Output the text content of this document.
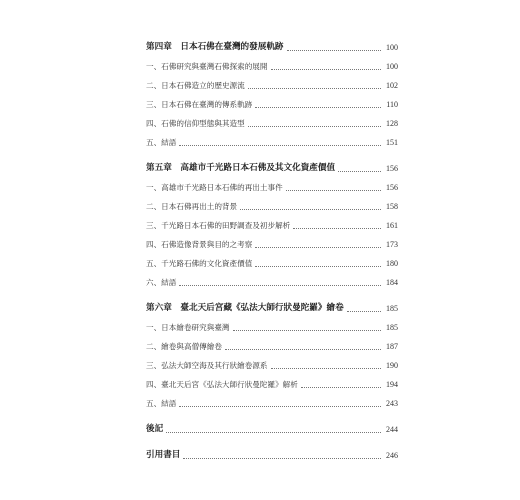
第四章　日本石佛在臺灣的發展軌跡	100
一、石佛研究與臺灣石佛探索的展開	100
二、日本石佛造立的歷史源流	102
三、日本石佛在臺灣的傳系軌跡	110
四、石佛的信仰型態與其造型	128
五、結語	151
第五章　高雄市千光路日本石佛及其文化資產價值	156
一、高雄市千光路日本石佛的再出土事件	156
二、日本石佛再出土的背景	158
三、千光路日本石佛的田野調查及初步解析	161
四、石佛造像背景與目的之考察	173
五、千光路石佛的文化資產價值	180
六、結語	184
第六章　臺北天后宮藏《弘法大師行狀曼陀羅》繪卷	185
一、日本繪卷研究與臺灣	185
二、繪卷與高僧傳繪卷	187
三、弘法大師空海及其行狀繪卷源系	190
四、臺北天后宮《弘法大師行狀曼陀羅》解析	194
五、結語	243
後記	244
引用書目	246
